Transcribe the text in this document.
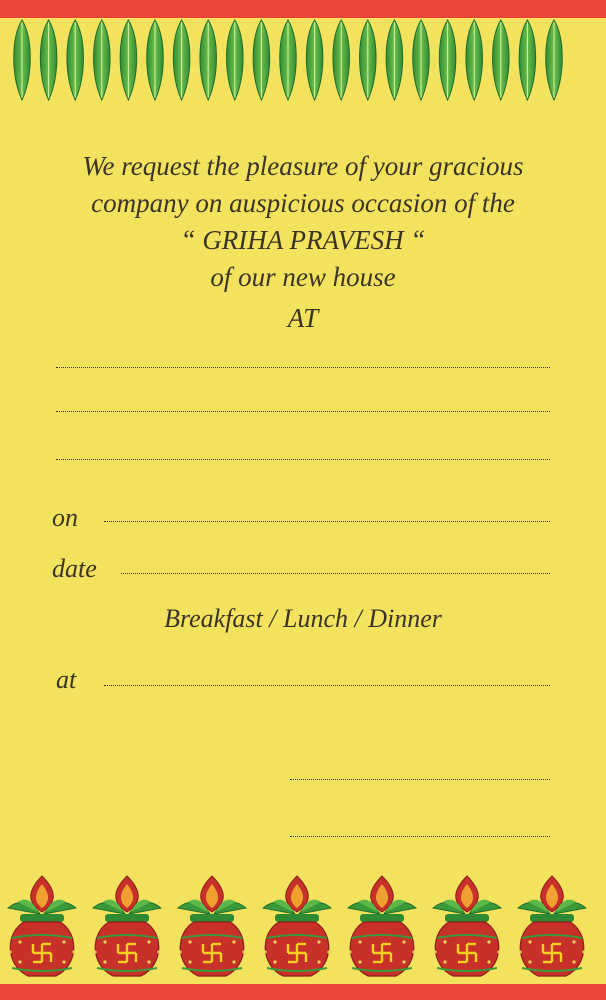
We request the pleasure of your gracious
company on auspicious occasion of the
“ GRIHA PRAVESH “
of our new house
AT
on
date
Breakfast / Lunch / Dinner
at
